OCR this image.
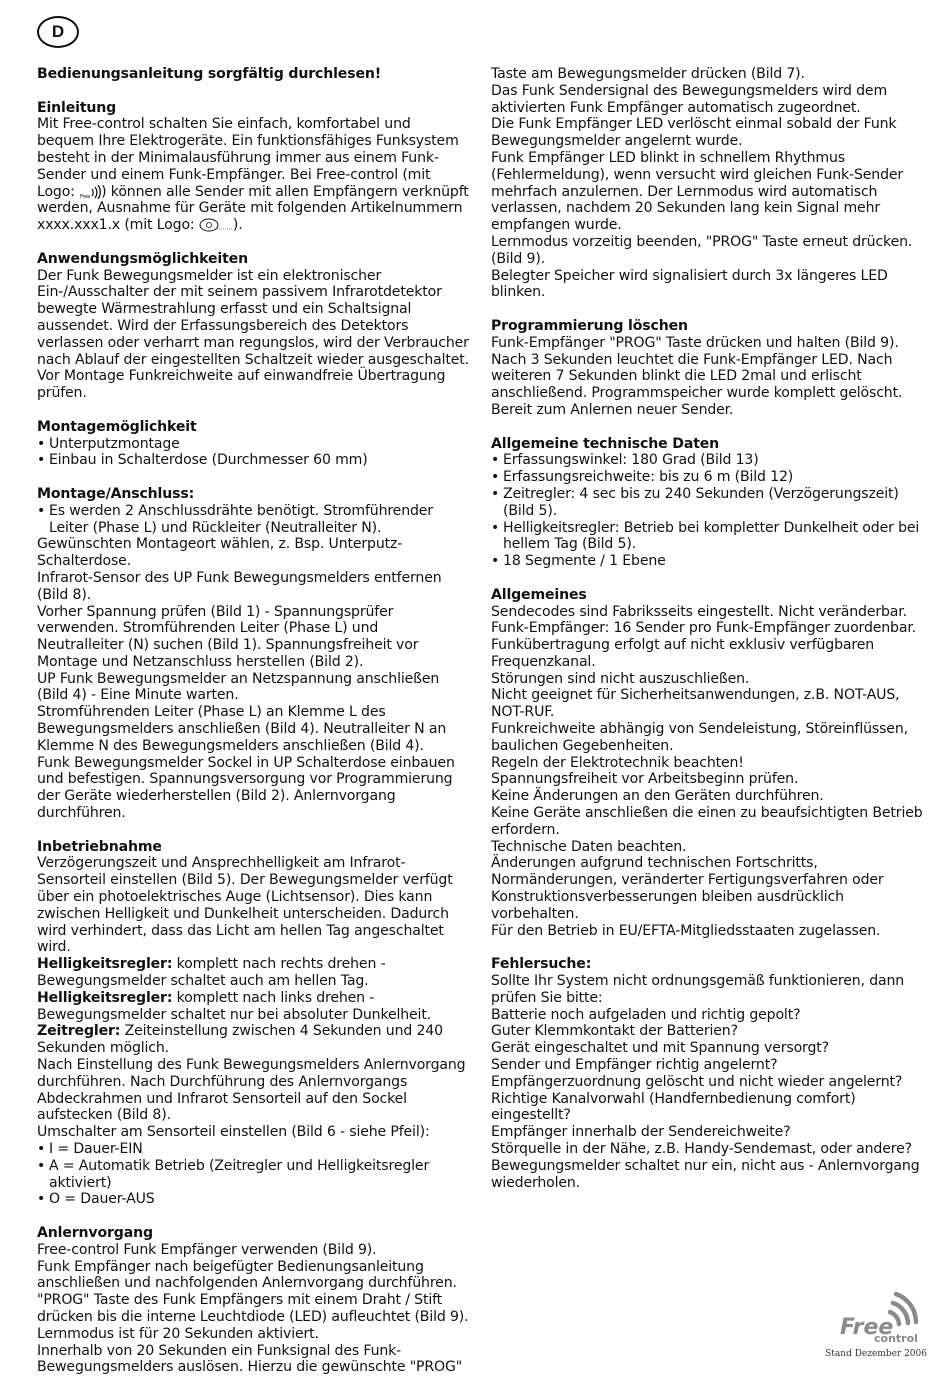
D
Bedienungsanleitung sorgfältig durchlesen!
Einleitung
Mit Free-control schalten Sie einfach, komfortabel und bequem Ihre Elektrogeräte. Ein funktionsfähiges Funksystem besteht in der Minimalausführung immer aus einem Funk-Sender und einem Funk-Empfänger. Bei Free-control (mit Logo: Free ) können alle Sender mit allen Empfängern verknüpft werden, Ausnahme für Geräte mit folgenden Artikelnummern xxxx.xxx1.x (mit Logo: ).
Anwendungsmöglichkeiten
Der Funk Bewegungsmelder ist ein elektronischer Ein-/Ausschalter der mit seinem passivem Infrarotdetektor bewegte Wärmestrahlung erfasst und ein Schaltsignal aussendet. Wird der Erfassungsbereich des Detektors verlassen oder verharrt man regungslos, wird der Verbraucher nach Ablauf der eingestellten Schaltzeit wieder ausgeschaltet.
Vor Montage Funkreichweite auf einwandfreie Übertragung prüfen.
Montagemöglichkeit
• Unterputzmontage
• Einbau in Schalterdose (Durchmesser 60 mm)
Montage/Anschluss:
• Es werden 2 Anschlussdrähte benötigt. Stromführender Leiter (Phase L) und Rückleiter (Neutralleiter N).
Gewünschten Montageort wählen, z. Bsp. Unterputz-Schalterdose.
Infrarot-Sensor des UP Funk Bewegungsmelders entfernen (Bild 8).
Vorher Spannung prüfen (Bild 1) - Spannungsprüfer verwenden. Stromführenden Leiter (Phase L) und Neutralleiter (N) suchen (Bild 1). Spannungsfreiheit vor Montage und Netzanschluss herstellen (Bild 2).
UP Funk Bewegungsmelder an Netzspannung anschließen (Bild 4) - Eine Minute warten.
Stromführenden Leiter (Phase L) an Klemme L des Bewegungsmelders anschließen (Bild 4). Neutralleiter N an Klemme N des Bewegungsmelders anschließen (Bild 4).
Funk Bewegungsmelder Sockel in UP Schalterdose einbauen und befestigen. Spannungsversorgung vor Programmierung der Geräte wiederherstellen (Bild 2). Anlernvorgang durchführen.
Inbetriebnahme
Verzögerungszeit und Ansprechhelligkeit am Infrarot-Sensorteil einstellen (Bild 5). Der Bewegungsmelder verfügt über ein photoelektrisches Auge (Lichtsensor). Dies kann zwischen Helligkeit und Dunkelheit unterscheiden. Dadurch wird verhindert, dass das Licht am hellen Tag angeschaltet wird.
Helligkeitsregler: komplett nach rechts drehen - Bewegungsmelder schaltet auch am hellen Tag.
Helligkeitsregler: komplett nach links drehen - Bewegungsmelder schaltet nur bei absoluter Dunkelheit.
Zeitregler: Zeiteinstellung zwischen 4 Sekunden und 240 Sekunden möglich.
Nach Einstellung des Funk Bewegungsmelders Anlernvorgang durchführen. Nach Durchführung des Anlernvorgangs Abdeckrahmen und Infrarot Sensorteil auf den Sockel aufstecken (Bild 8).
Umschalter am Sensorteil einstellen (Bild 6 - siehe Pfeil):
• I = Dauer-EIN
• A = Automatik Betrieb (Zeitregler und Helligkeitsregler aktiviert)
• O = Dauer-AUS
Anlernvorgang
Free-control Funk Empfänger verwenden (Bild 9).
Funk Empfänger nach beigefügter Bedienungsanleitung anschließen und nachfolgenden Anlernvorgang durchführen.
"PROG" Taste des Funk Empfängers mit einem Draht / Stift drücken bis die interne Leuchtdiode (LED) aufleuchtet (Bild 9). Lernmodus ist für 20 Sekunden aktiviert.
Innerhalb von 20 Sekunden ein Funksignal des Funk-Bewegungsmelders auslösen. Hierzu die gewünschte "PROG"
Taste am Bewegungsmelder drücken (Bild 7).
Das Funk Sendersignal des Bewegungsmelders wird dem aktivierten Funk Empfänger automatisch zugeordnet.
Die Funk Empfänger LED verlöscht einmal sobald der Funk Bewegungsmelder angelernt wurde.
Funk Empfänger LED blinkt in schnellem Rhythmus (Fehlermeldung), wenn versucht wird gleichen Funk-Sender mehrfach anzulernen. Der Lernmodus wird automatisch verlassen, nachdem 20 Sekunden lang kein Signal mehr empfangen wurde.
Lernmodus vorzeitig beenden, "PROG" Taste erneut drücken. (Bild 9).
Belegter Speicher wird signalisiert durch 3x längeres LED blinken.
Programmierung löschen
Funk-Empfänger "PROG" Taste drücken und halten (Bild 9). Nach 3 Sekunden leuchtet die Funk-Empfänger LED. Nach weiteren 7 Sekunden blinkt die LED 2mal und erlischt anschließend. Programmspeicher wurde komplett gelöscht. Bereit zum Anlernen neuer Sender.
Allgemeine technische Daten
• Erfassungswinkel: 180 Grad (Bild 13)
• Erfassungsreichweite: bis zu 6 m (Bild 12)
• Zeitregler: 4 sec bis zu 240 Sekunden (Verzögerungszeit) (Bild 5).
• Helligkeitsregler: Betrieb bei kompletter Dunkelheit oder bei hellem Tag (Bild 5).
• 18 Segmente / 1 Ebene
Allgemeines
Sendecodes sind Fabriksseits eingestellt. Nicht veränderbar.
Funk-Empfänger: 16 Sender pro Funk-Empfänger zuordenbar.
Funkübertragung erfolgt auf nicht exklusiv verfügbaren Frequenzkanal.
Störungen sind nicht auszuschließen.
Nicht geeignet für Sicherheitsanwendungen, z.B. NOT-AUS, NOT-RUF.
Funkreichweite abhängig von Sendeleistung, Störeinflüssen, baulichen Gegebenheiten.
Regeln der Elektrotechnik beachten!
Spannungsfreiheit vor Arbeitsbeginn prüfen.
Keine Änderungen an den Geräten durchführen.
Keine Geräte anschließen die einen zu beaufsichtigten Betrieb erfordern.
Technische Daten beachten.
Änderungen aufgrund technischen Fortschritts, Normänderungen, veränderter Fertigungsverfahren oder Konstruktionsverbesserungen bleiben ausdrücklich vorbehalten.
Für den Betrieb in EU/EFTA-Mitgliedsstaaten zugelassen.
Fehlersuche:
Sollte Ihr System nicht ordnungsgemäß funktionieren, dann prüfen Sie bitte:
Batterie noch aufgeladen und richtig gepolt?
Guter Klemmkontakt der Batterien?
Gerät eingeschaltet und mit Spannung versorgt?
Sender und Empfänger richtig angelernt?
Empfängerzuordnung gelöscht und nicht wieder angelernt?
Richtige Kanalvorwahl (Handfernbedienung comfort) eingestellt?
Empfänger innerhalb der Sendereichweite?
Störquelle in der Nähe, z.B. Handy-Sendemast, oder andere?
Bewegungsmelder schaltet nur ein, nicht aus - Anlernvorgang wiederholen.
Free
control
Stand Dezember 2006
